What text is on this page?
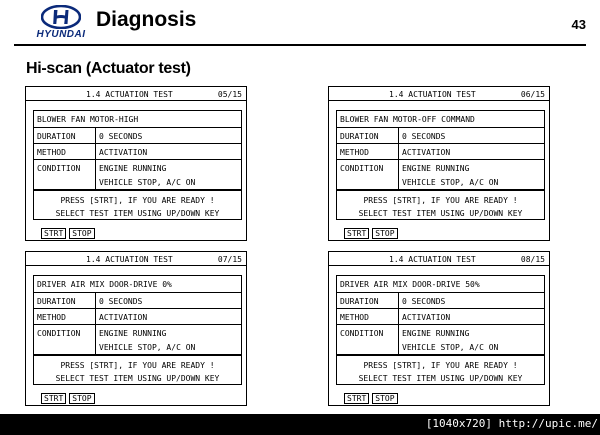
HYUNDAI
Diagnosis	43
Hi-scan (Actuator test)
1.4 ACTUATION TEST	05/15
BLOWER FAN MOTOR-HIGH
DURATION	0 SECONDS
METHOD	ACTIVATION
CONDITION	ENGINE RUNNING
VEHICLE STOP, A/C ON
PRESS [STRT], IF YOU ARE READY !
SELECT TEST ITEM USING UP/DOWN KEY
STRT	STOP
1.4 ACTUATION TEST	06/15
BLOWER FAN MOTOR-OFF COMMAND
DURATION	0 SECONDS
METHOD	ACTIVATION
CONDITION	ENGINE RUNNING
VEHICLE STOP, A/C ON
PRESS [STRT], IF YOU ARE READY !
SELECT TEST ITEM USING UP/DOWN KEY
STRT	STOP
1.4 ACTUATION TEST	07/15
DRIVER AIR MIX DOOR-DRIVE 0%
DURATION	0 SECONDS
METHOD	ACTIVATION
CONDITION	ENGINE RUNNING
VEHICLE STOP, A/C ON
PRESS [STRT], IF YOU ARE READY !
SELECT TEST ITEM USING UP/DOWN KEY
STRT	STOP
1.4 ACTUATION TEST	08/15
DRIVER AIR MIX DOOR-DRIVE 50%
DURATION	0 SECONDS
METHOD	ACTIVATION
CONDITION	ENGINE RUNNING
VEHICLE STOP, A/C ON
PRESS [STRT], IF YOU ARE READY !
SELECT TEST ITEM USING UP/DOWN KEY
STRT	STOP
[1040x720] http://upic.me/
